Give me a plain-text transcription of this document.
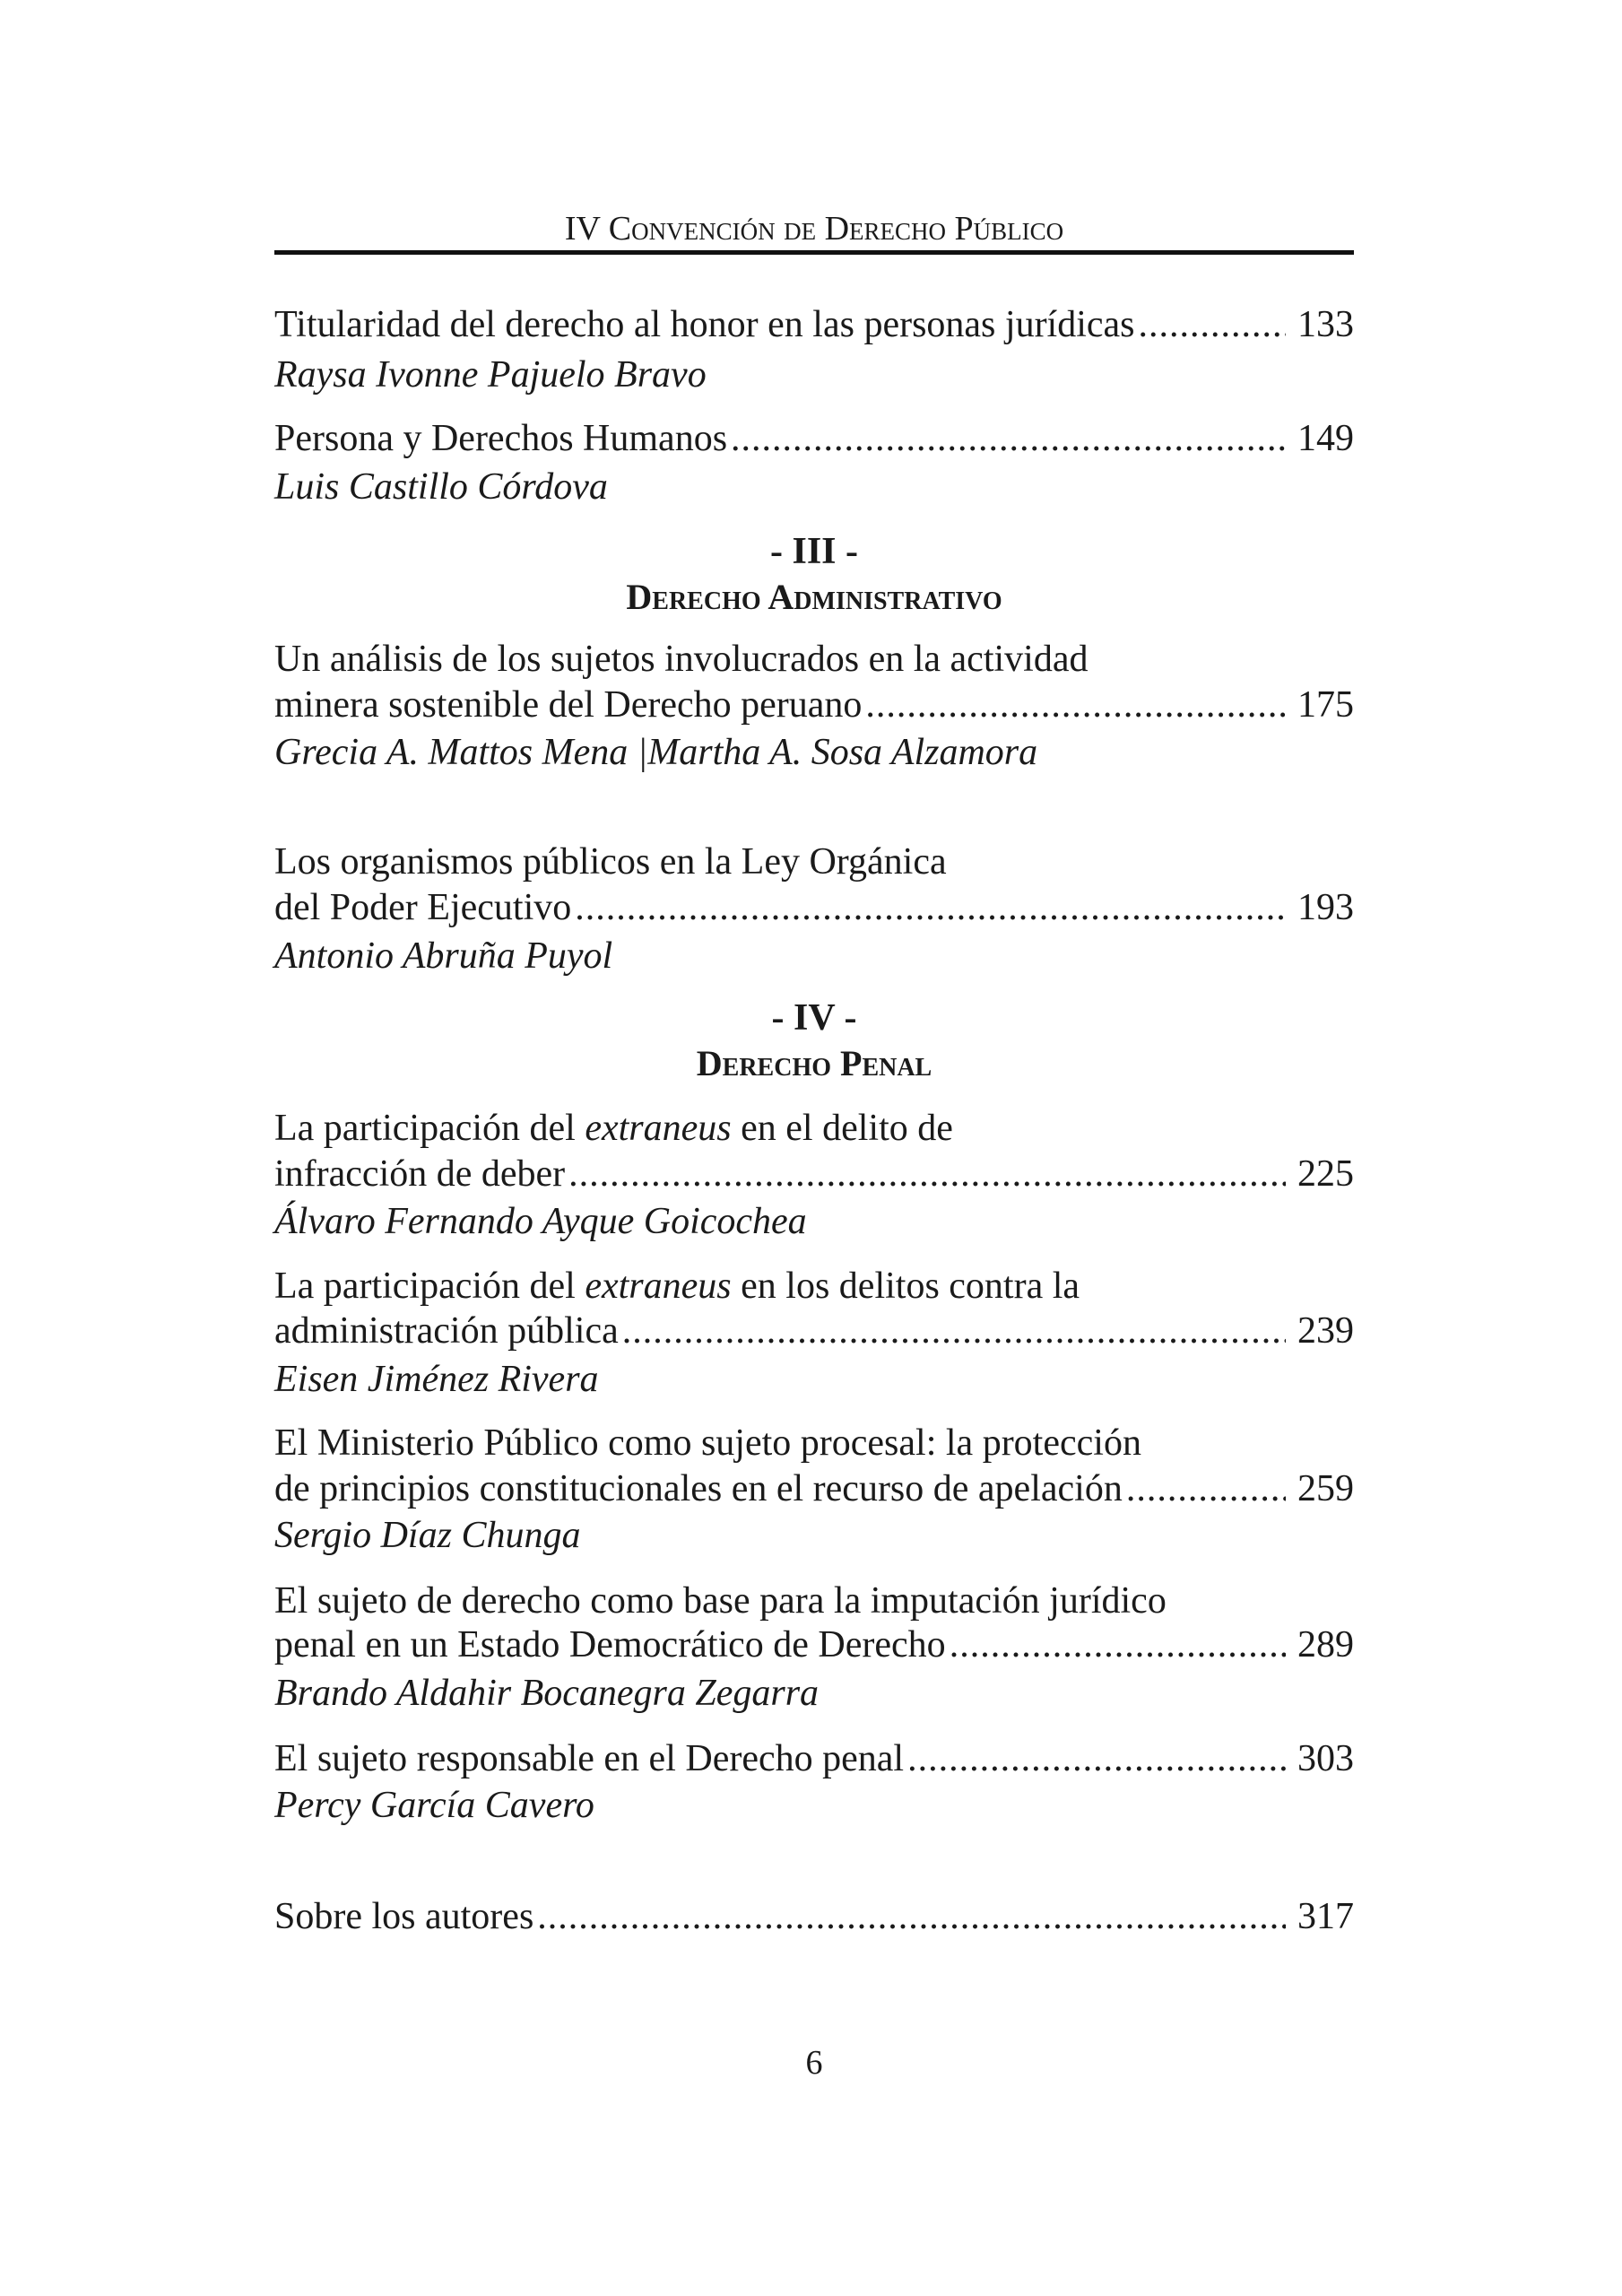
IV Convención de Derecho Público
Titularidad del derecho al honor en las personas jurídicas .....	133
Raysa Ivonne Pajuelo Bravo
Persona y Derechos Humanos .....	149
Luis Castillo Córdova
- III -
Derecho Administrativo
Un análisis de los sujetos involucrados en la actividad
minera sostenible del Derecho peruano .....	175
Grecia A. Mattos Mena |Martha A. Sosa Alzamora
Los organismos públicos en la Ley Orgánica
del Poder Ejecutivo .....	193
Antonio Abruña Puyol
- IV -
Derecho Penal
La participación del extraneus en el delito de
infracción de deber .....	225
Álvaro Fernando Ayque Goicochea
La participación del extraneus en los delitos contra la
administración pública .....	239
Eisen Jiménez Rivera
El Ministerio Público como sujeto procesal: la protección
de principios constitucionales en el recurso de apelación .....	259
Sergio Díaz Chunga
El sujeto de derecho como base para la imputación jurídico
penal en un Estado Democrático de Derecho .....	289
Brando Aldahir Bocanegra Zegarra
El sujeto responsable en el Derecho penal .....	303
Percy García Cavero
Sobre los autores .....	317
6
